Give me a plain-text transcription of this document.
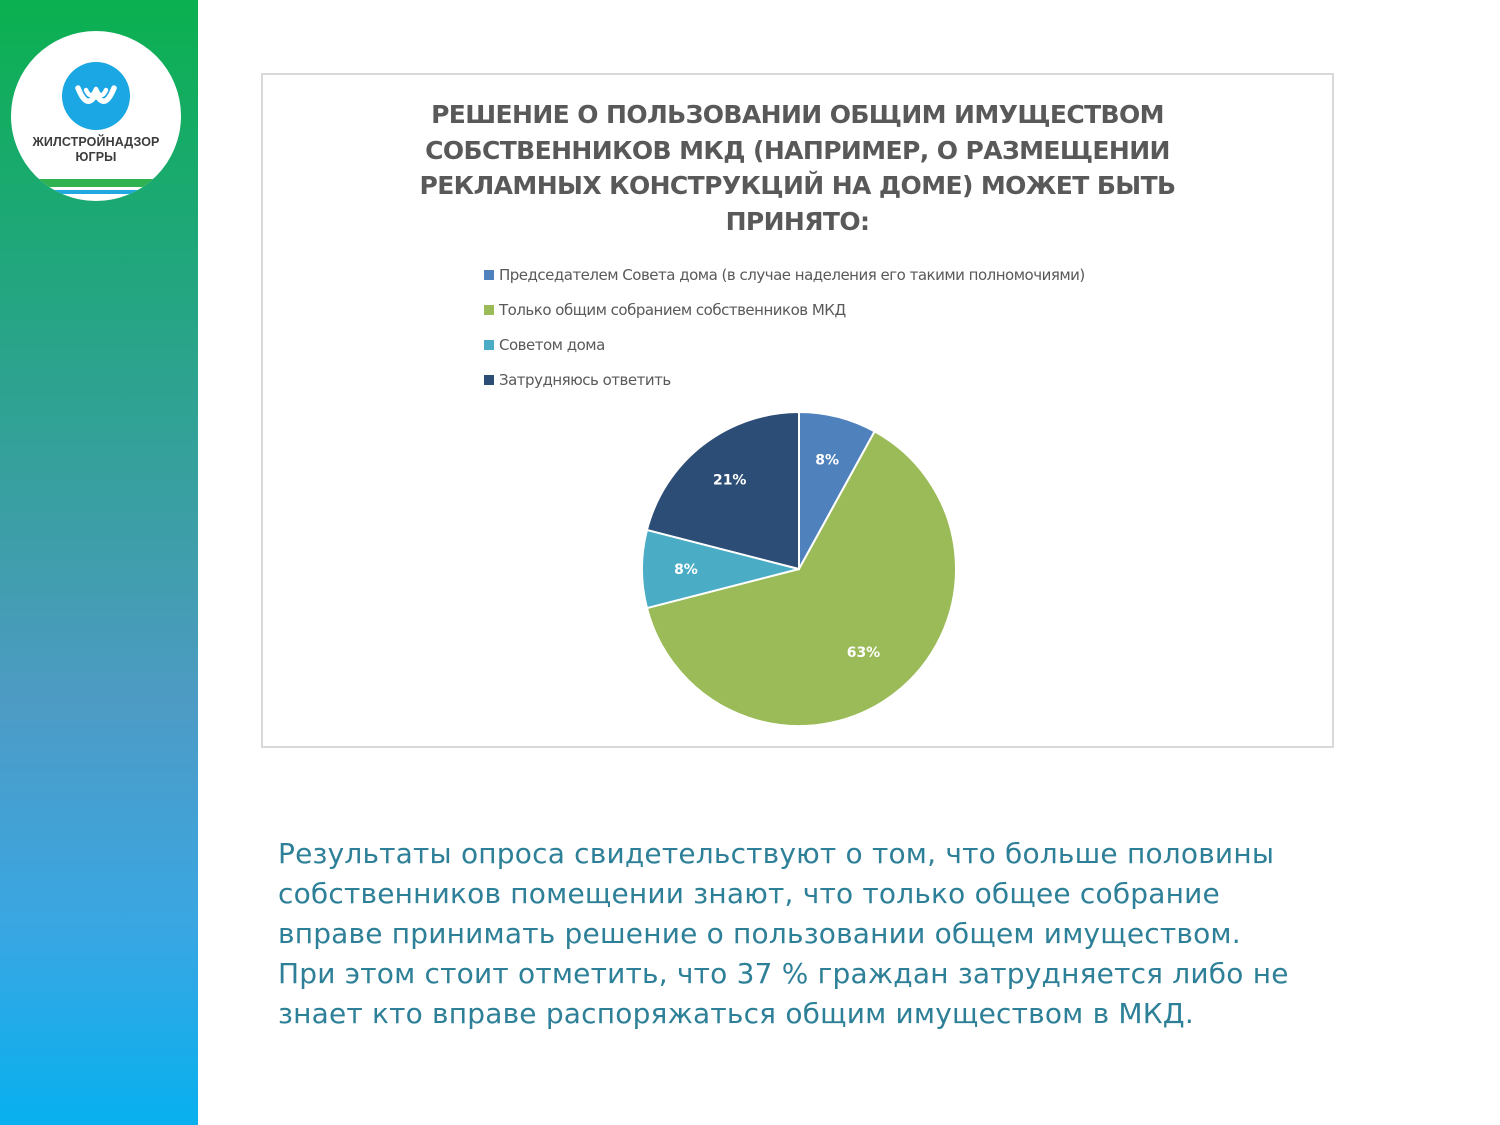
ЖИЛСТРОЙНАДЗОР
ЮГРЫ
РЕШЕНИЕ О ПОЛЬЗОВАНИИ ОБЩИМ ИМУЩЕСТВОМ
СОБСТВЕННИКОВ МКД (НАПРИМЕР, О РАЗМЕЩЕНИИ
РЕКЛАМНЫХ КОНСТРУКЦИЙ НА ДОМЕ) МОЖЕТ БЫТЬ
ПРИНЯТО:
Председателем Совета дома (в случае наделения его такими полномочиями)
Только общим собранием собственников МКД
Советом дома
Затрудняюсь ответить
8%
63%
8%
21%
Результаты опроса свидетельствуют о том, что больше половины
собственников помещении знают, что только общее собрание
вправе принимать решение о пользовании общем имуществом.
При этом стоит отметить, что 37 % граждан затрудняется либо не
знает кто вправе распоряжаться общим имуществом в МКД.
